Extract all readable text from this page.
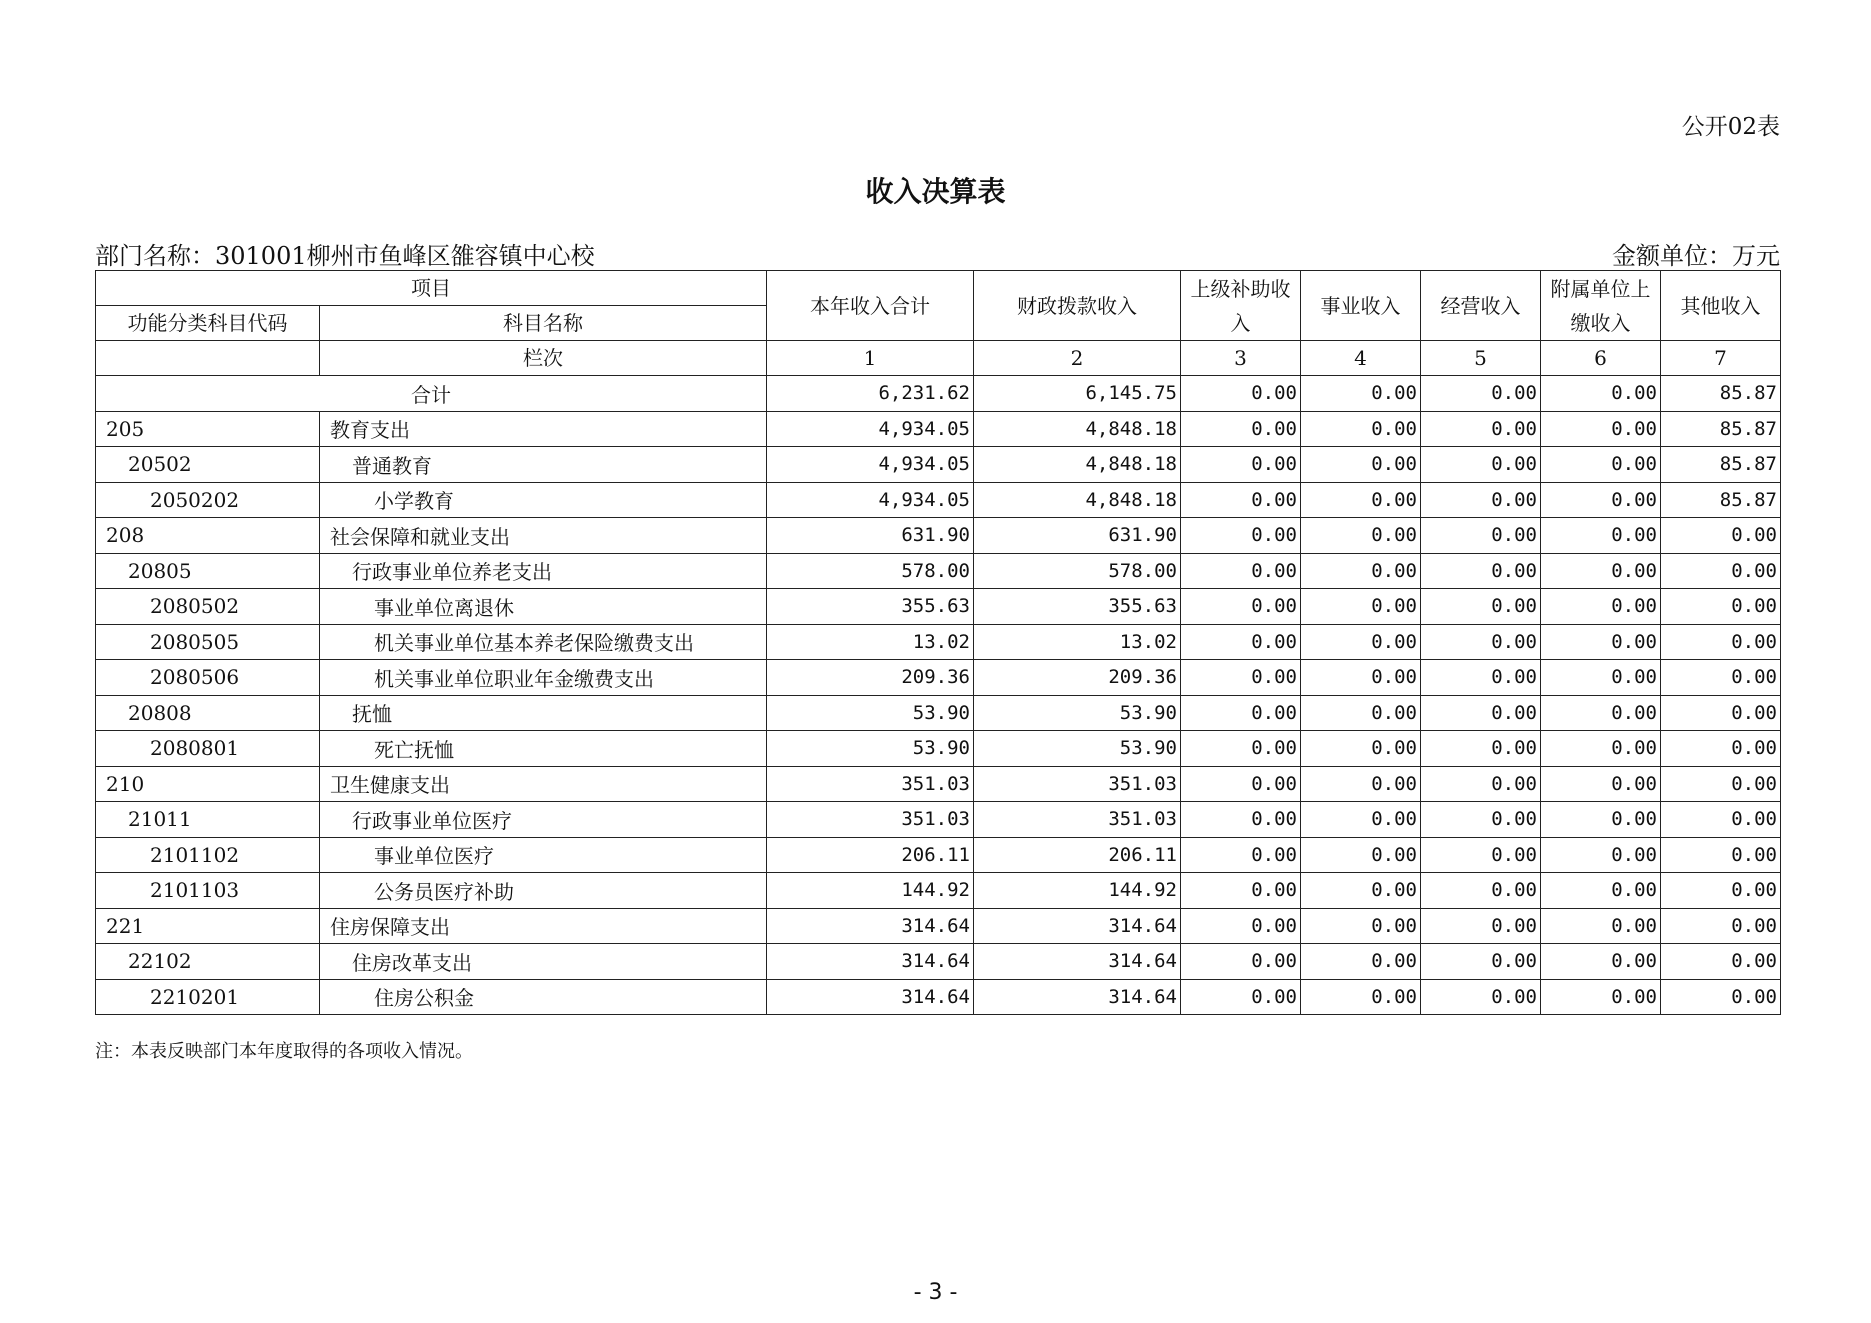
公开02表
收入决算表
部门名称：301001柳州市鱼峰区雒容镇中心校	金额单位：万元
项目		本年收入合计	财政拨款收入	上级补助收入	事业收入	经营收入	附属单位上缴收入	其他收入
功能分类科目代码	科目名称							
	栏次	1	2	3	4	5	6	7
合计		6,231.62	6,145.75	0.00	0.00	0.00	0.00	85.87
205	教育支出	4,934.05	4,848.18	0.00	0.00	0.00	0.00	85.87
20502	普通教育	4,934.05	4,848.18	0.00	0.00	0.00	0.00	85.87
2050202	小学教育	4,934.05	4,848.18	0.00	0.00	0.00	0.00	85.87
208	社会保障和就业支出	631.90	631.90	0.00	0.00	0.00	0.00	0.00
20805	行政事业单位养老支出	578.00	578.00	0.00	0.00	0.00	0.00	0.00
2080502	事业单位离退休	355.63	355.63	0.00	0.00	0.00	0.00	0.00
2080505	机关事业单位基本养老保险缴费支出	13.02	13.02	0.00	0.00	0.00	0.00	0.00
2080506	机关事业单位职业年金缴费支出	209.36	209.36	0.00	0.00	0.00	0.00	0.00
20808	抚恤	53.90	53.90	0.00	0.00	0.00	0.00	0.00
2080801	死亡抚恤	53.90	53.90	0.00	0.00	0.00	0.00	0.00
210	卫生健康支出	351.03	351.03	0.00	0.00	0.00	0.00	0.00
21011	行政事业单位医疗	351.03	351.03	0.00	0.00	0.00	0.00	0.00
2101102	事业单位医疗	206.11	206.11	0.00	0.00	0.00	0.00	0.00
2101103	公务员医疗补助	144.92	144.92	0.00	0.00	0.00	0.00	0.00
221	住房保障支出	314.64	314.64	0.00	0.00	0.00	0.00	0.00
22102	住房改革支出	314.64	314.64	0.00	0.00	0.00	0.00	0.00
2210201	住房公积金	314.64	314.64	0.00	0.00	0.00	0.00	0.00
注：本表反映部门本年度取得的各项收入情况。
- 3 -
